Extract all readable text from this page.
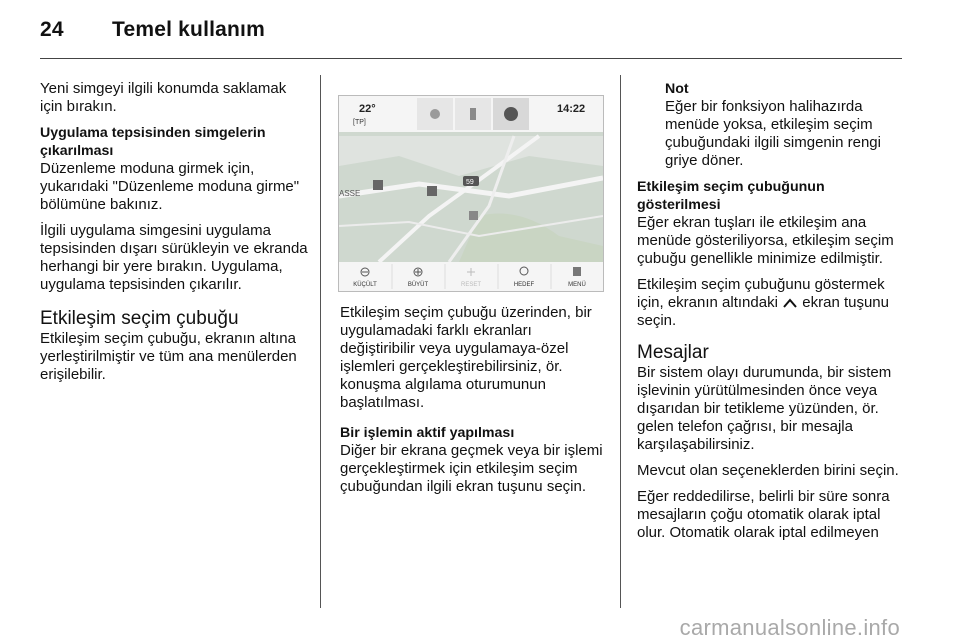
24 Temel kullanım

Yeni simgeyi ilgili konumda saklamak için bırakın.

Uygulama tepsisinden simgelerin çıkarılması

Düzenleme moduna girmek için, yukarıdaki "Düzenleme moduna girme" bölümüne bakınız.

İlgili uygulama simgesini uygulama tepsisinden dışarı sürükleyin ve ekranda herhangi bir yere bırakın. Uygulama, uygulama tepsisinden çıkarılır.

Etkileşim seçim çubuğu

Etkileşim seçim çubuğu, ekranın altına yerleştirilmiştir ve tüm ana menülerden erişilebilir.

22°
[TP]
14:22
59
ASSE
KÜÇÜLT	BÜYÜT	RESET	HEDEF	MENÜ

Etkileşim seçim çubuğu üzerinden, bir uygulamadaki farklı ekranları değiştiribilir veya uygulamaya-özel işlemleri gerçekleştirebilirsiniz, ör. konuşma algılama oturumunun başlatılması.

Bir işlemin aktif yapılması

Diğer bir ekrana geçmek veya bir işlemi gerçekleştirmek için etkileşim seçim çubuğundan ilgili ekran tuşunu seçin.

Not
Eğer bir fonksiyon halihazırda menüde yoksa, etkileşim seçim çubuğundaki ilgili simgenin rengi griye döner.
Etkileşim seçim çubuğunun gösterilmesi

Eğer ekran tuşları ile etkileşim ana menüde gösteriliyorsa, etkileşim seçim çubuğu genellikle minimize edilmiştir.

Etkileşim seçim çubuğunu göstermek için, ekranın altındaki ekran tuşunu seçin.

Mesajlar

Bir sistem olayı durumunda, bir sistem işlevinin yürütülmesinden önce veya dışarıdan bir tetikleme yüzünden, ör. gelen telefon çağrısı, bir mesajla karşılaşabilirsiniz.

Mevcut olan seçeneklerden birini seçin.

Eğer reddedilirse, belirli bir süre sonra mesajların çoğu otomatik olarak iptal olur. Otomatik olarak iptal edilmeyen

carmanualsonline.info
